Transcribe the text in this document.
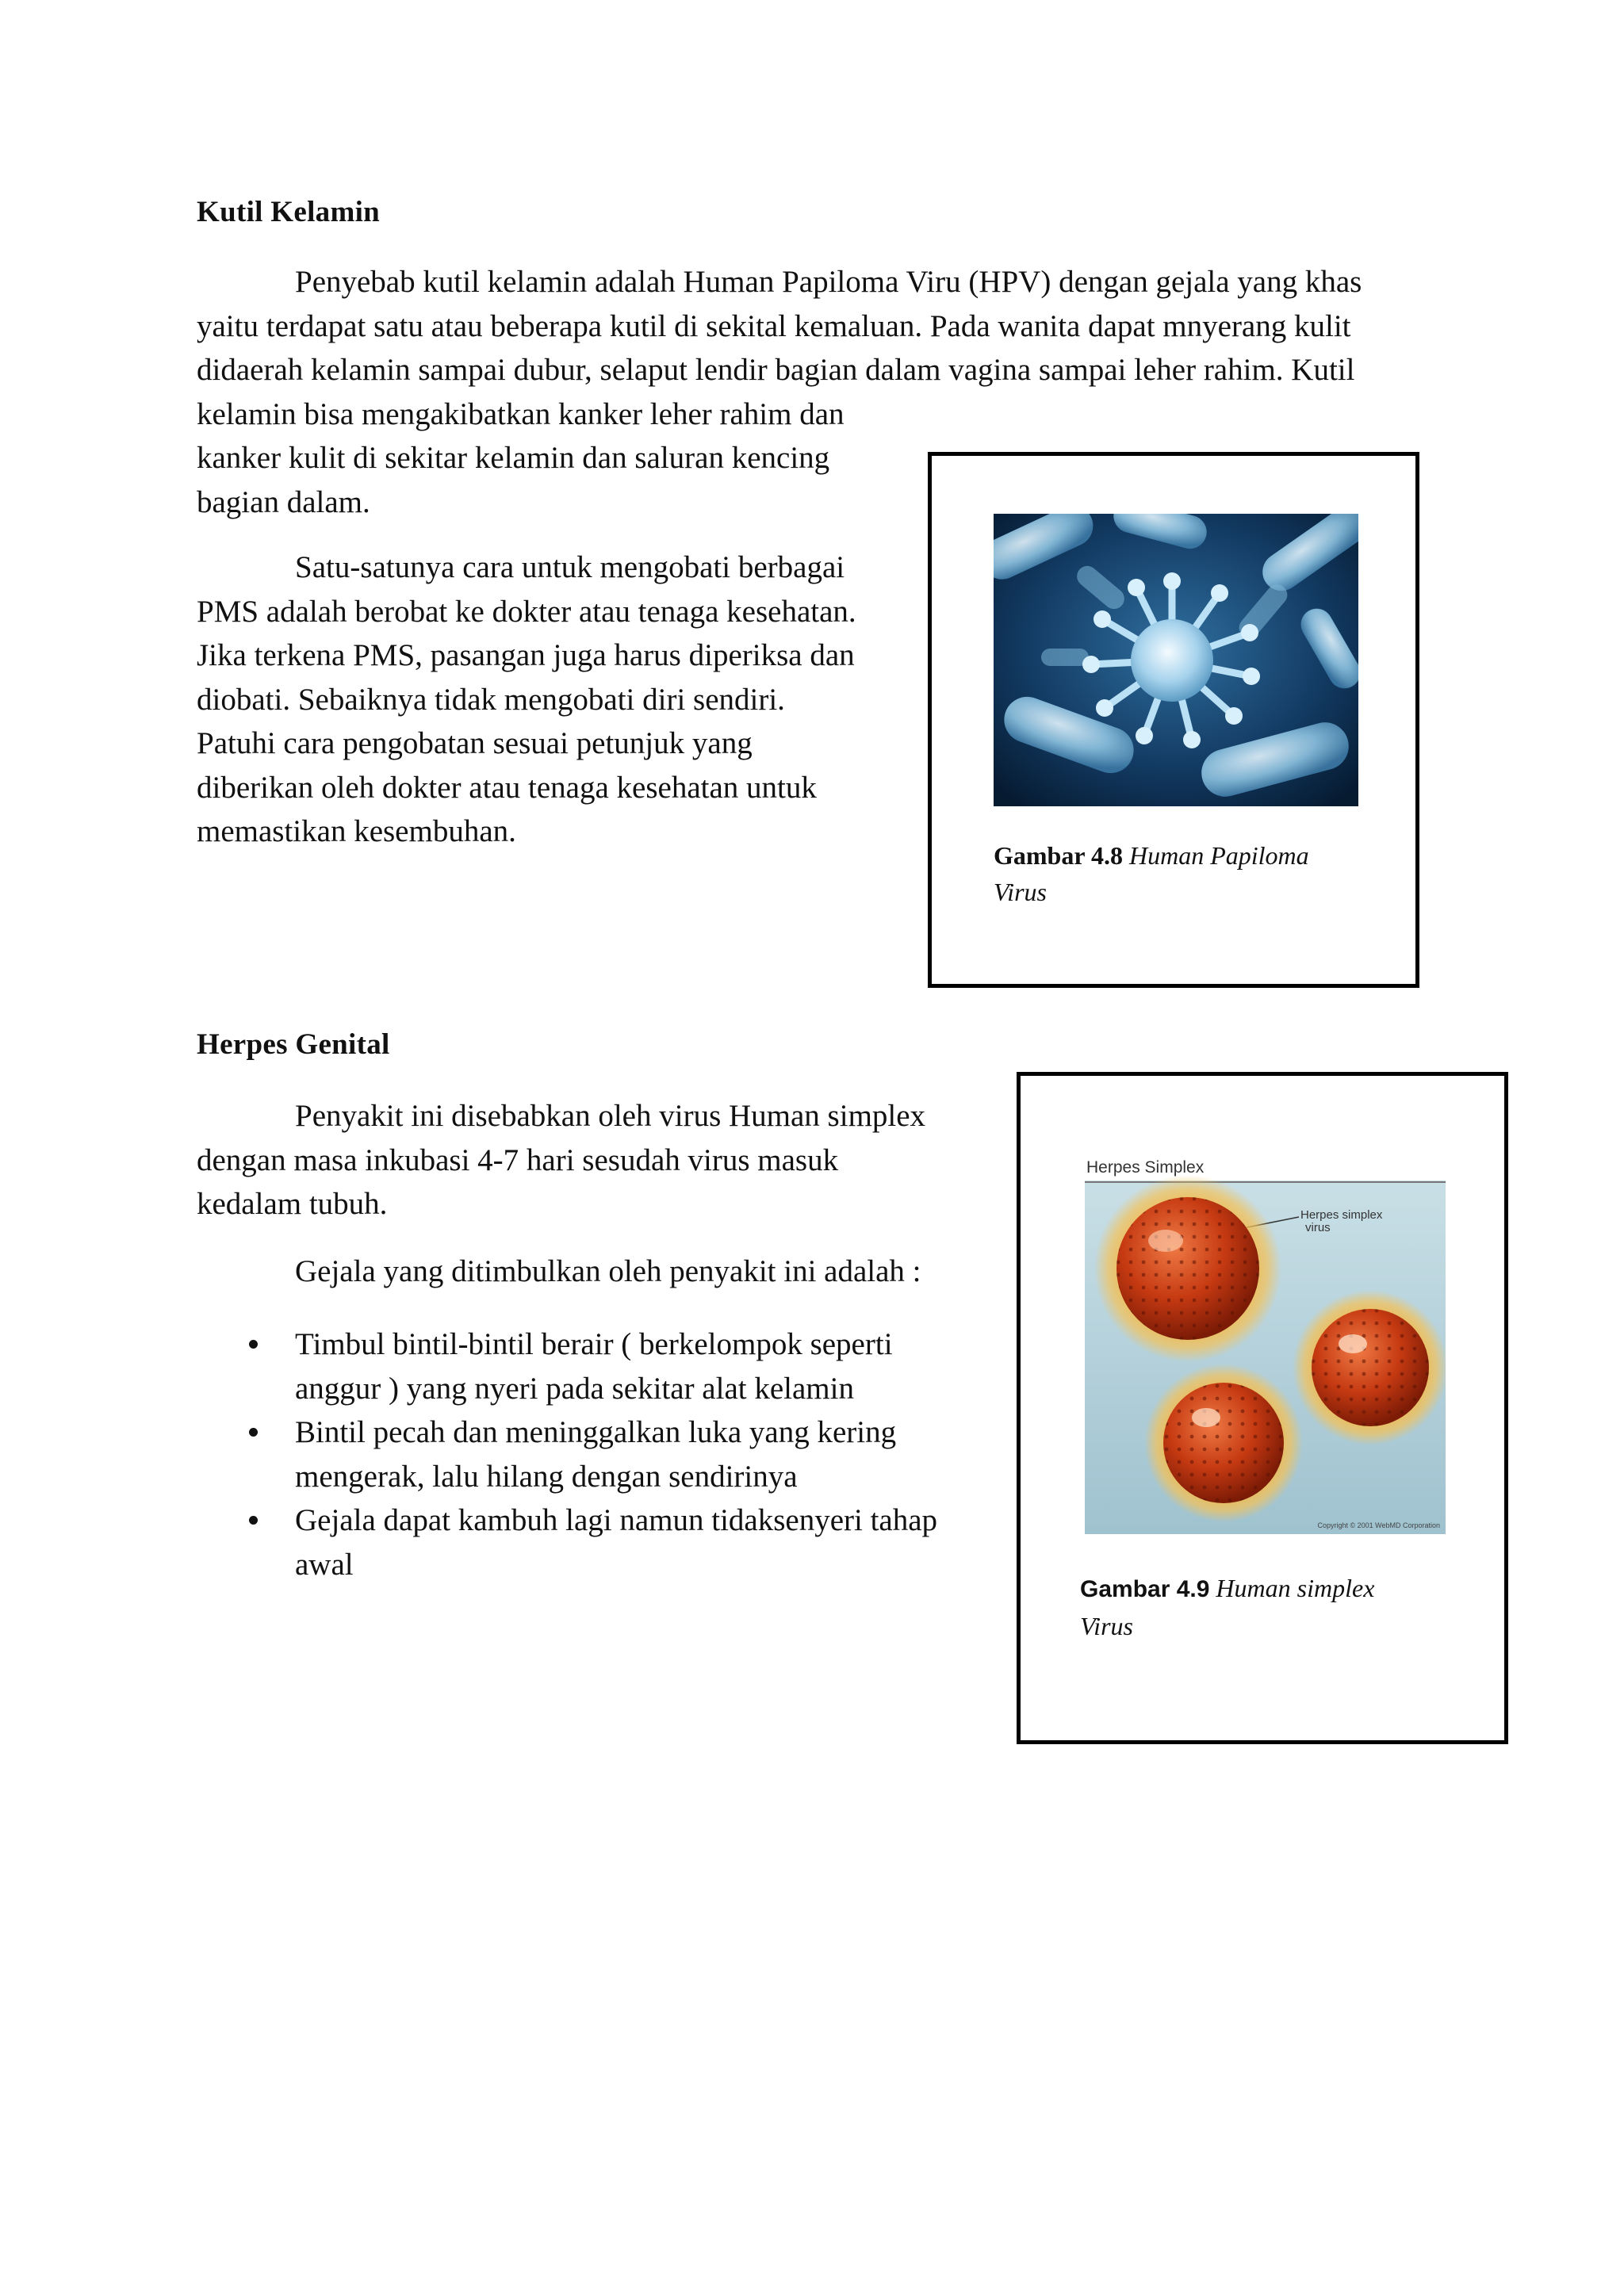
Kutil Kelamin
Penyebab kutil kelamin adalah Human Papiloma Viru (HPV) dengan gejala yang khas
yaitu terdapat satu atau beberapa kutil di sekital kemaluan. Pada wanita dapat mnyerang kulit
didaerah kelamin sampai dubur, selaput lendir bagian dalam vagina sampai leher rahim. Kutil
kelamin bisa mengakibatkan kanker leher rahim dan
kanker kulit di sekitar kelamin dan saluran kencing
bagian dalam.
Satu-satunya cara untuk mengobati berbagai
PMS adalah berobat ke dokter atau tenaga kesehatan.
Jika terkena PMS, pasangan juga harus diperiksa dan
diobati. Sebaiknya tidak mengobati diri sendiri.
Patuhi cara pengobatan sesuai petunjuk yang
diberikan oleh dokter atau tenaga kesehatan untuk
memastikan kesembuhan.

Gambar 4.8 Human Papiloma
Virus

Herpes Genital
Penyakit ini disebabkan oleh virus Human simplex
dengan masa inkubasi 4-7 hari sesudah virus masuk
kedalam tubuh.

Gejala yang ditimbulkan oleh penyakit ini adalah :

Timbul bintil-bintil berair ( berkelompok seperti
anggur ) yang nyeri pada sekitar alat kelamin
Bintil pecah dan meninggalkan luka yang kering
mengerak, lalu hilang dengan sendirinya
Gejala dapat kambuh lagi namun tidaksenyeri tahap
awal
Herpes Simplex
Herpes simplex
virus
Copyright © 2001 WebMD Corporation

Gambar 4.9 Human simplex
Virus
